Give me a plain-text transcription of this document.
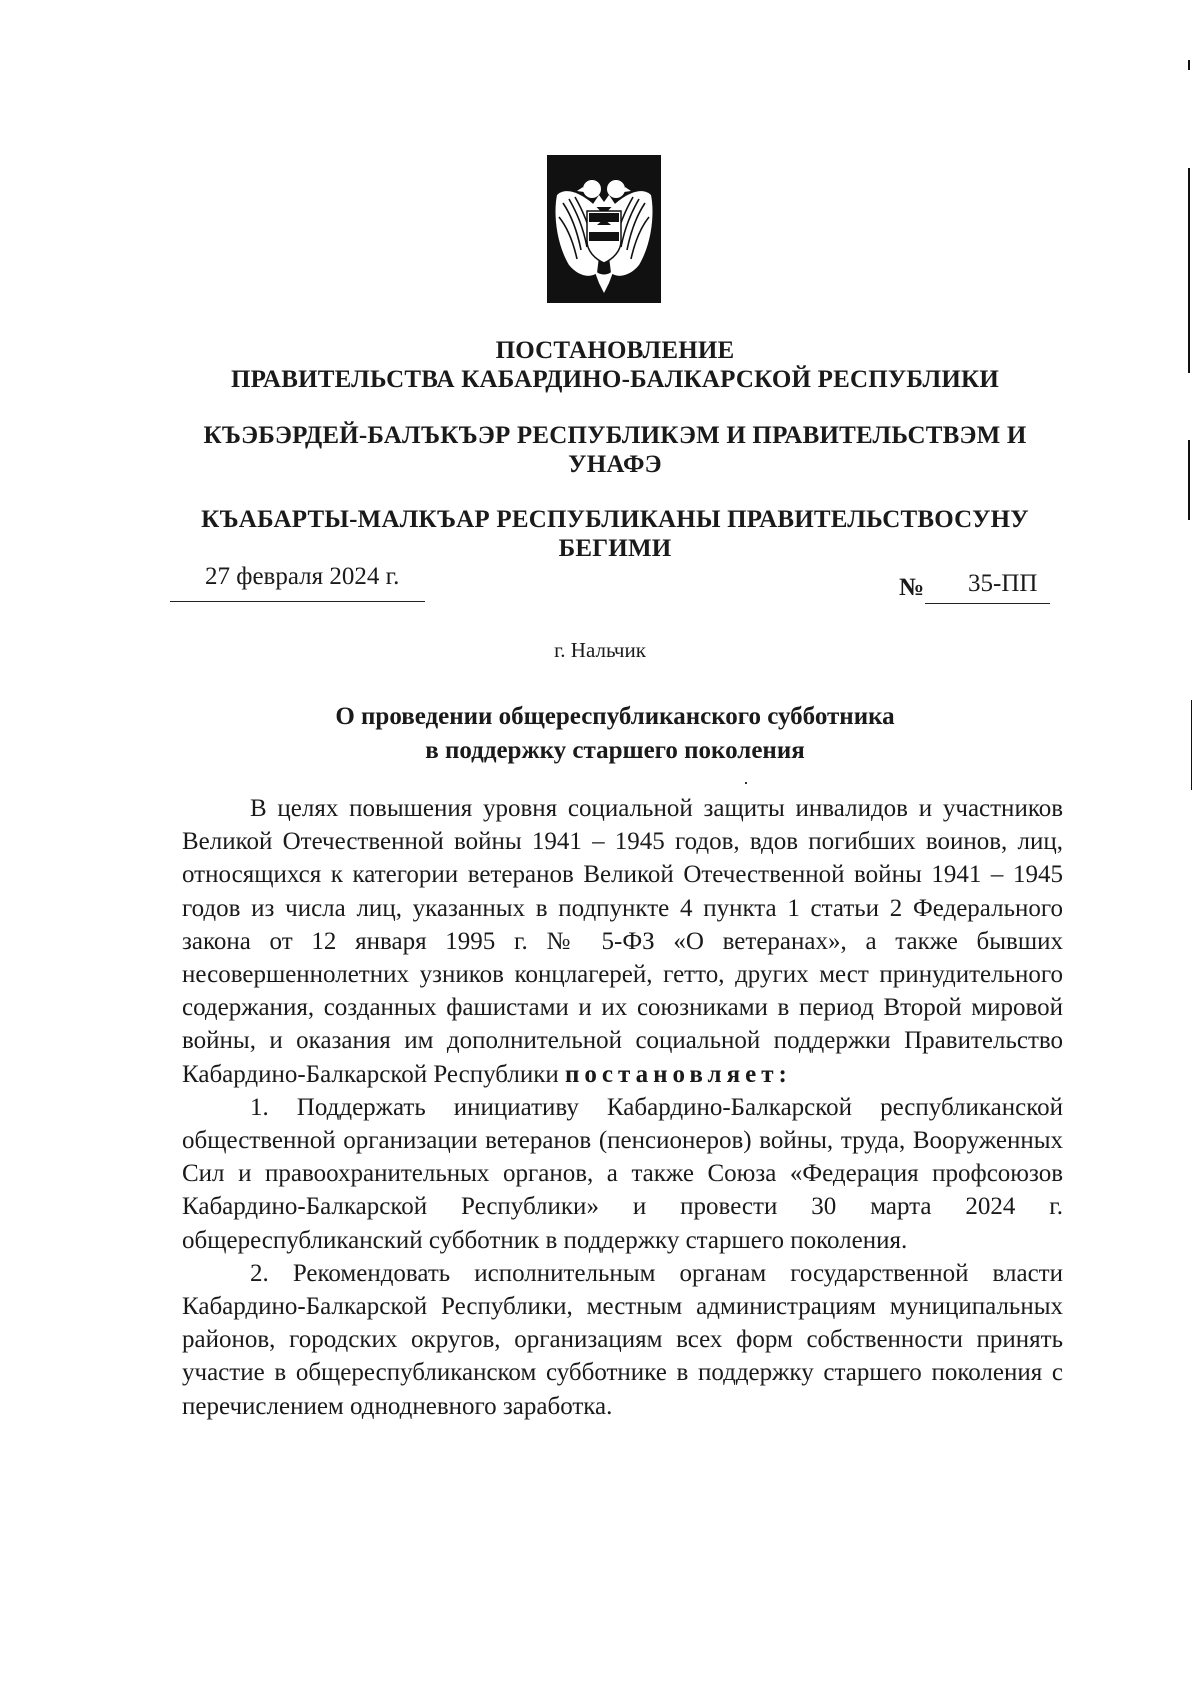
ПОСТАНОВЛЕНИЕ
ПРАВИТЕЛЬСТВА КАБАРДИНО-БАЛКАРСКОЙ РЕСПУБЛИКИ
КЪЭБЭРДЕЙ-БАЛЪКЪЭР РЕСПУБЛИКЭМ И ПРАВИТЕЛЬСТВЭМ И
УНАФЭ
КЪАБАРТЫ-МАЛКЪАР РЕСПУБЛИКАНЫ ПРАВИТЕЛЬСТВОСУНУ
БЕГИМИ
27 февраля 2024 г.	№ 35-ПП
г. Нальчик
О проведении общереспубликанского субботника
в поддержку старшего поколения

В целях повышения уровня социальной защиты инвалидов и участников Великой Отечественной войны 1941 – 1945 годов, вдов погибших воинов, лиц, относящихся к категории ветеранов Великой Отечественной войны 1941 – 1945 годов из числа лиц, указанных в подпункте 4 пункта 1 статьи 2 Федерального закона от 12 января 1995 г. № 5-ФЗ «О ветеранах», а также бывших несовершеннолетних узников концлагерей, гетто, других мест принудительного содержания, созданных фашистами и их союзниками в период Второй мировой войны, и оказания им дополнительной социальной поддержки Правительство Кабардино-Балкарской Республики постановляет:

1. Поддержать инициативу Кабардино-Балкарской республиканской общественной организации ветеранов (пенсионеров) войны, труда, Вооруженных Сил и правоохранительных органов, а также Союза «Федерация профсоюзов Кабардино-Балкарской Республики» и провести 30 марта 2024 г. общереспубликанский субботник в поддержку старшего поколения.

2. Рекомендовать исполнительным органам государственной власти Кабардино-Балкарской Республики, местным администрациям муниципальных районов, городских округов, организациям всех форм собственности принять участие в общереспубликанском субботнике в поддержку старшего поколения с перечислением однодневного заработка.
